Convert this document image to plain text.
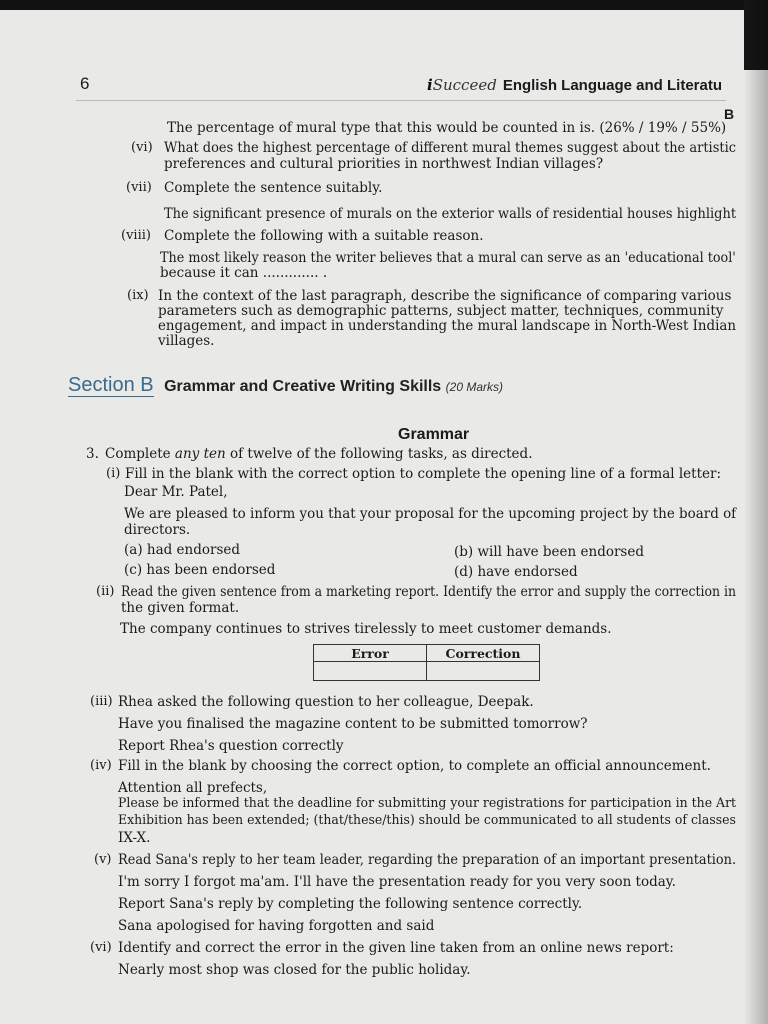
6	iSucceed English Language and Literatu
B
The percentage of mural type that this would be counted in is. (26% / 19% / 55%)
(vi) What does the highest percentage of different mural themes suggest about the artistic
preferences and cultural priorities in northwest Indian villages?
(vii) Complete the sentence suitably.
The significant presence of murals on the exterior walls of residential houses highlight
(viii) Complete the following with a suitable reason.
The most likely reason the writer believes that a mural can serve as an 'educational tool'
because it can ............. .
(ix) In the context of the last paragraph, describe the significance of comparing various
parameters such as demographic patterns, subject matter, techniques, community
engagement, and impact in understanding the mural landscape in North-West Indian
villages.
Section B Grammar and Creative Writing Skills (20 Marks)
Grammar
3. Complete any ten of twelve of the following tasks, as directed.
(i) Fill in the blank with the correct option to complete the opening line of a formal letter:
Dear Mr. Patel,
We are pleased to inform you that your proposal for the upcoming project by the board of
directors.
(a) had endorsed	(b) will have been endorsed
(c) has been endorsed	(d) have endorsed
(ii) Read the given sentence from a marketing report. Identify the error and supply the correction in
the given format.
The company continues to strives tirelessly to meet customer demands.
Error	Correction

(iii) Rhea asked the following question to her colleague, Deepak.
Have you finalised the magazine content to be submitted tomorrow?
Report Rhea's question correctly
(iv) Fill in the blank by choosing the correct option, to complete an official announcement.
Attention all prefects,
Please be informed that the deadline for submitting your registrations for participation in the Art
Exhibition has been extended; (that/these/this) should be communicated to all students of classes
IX-X.
(v) Read Sana's reply to her team leader, regarding the preparation of an important presentation.
I'm sorry I forgot ma'am. I'll have the presentation ready for you very soon today.
Report Sana's reply by completing the following sentence correctly.
Sana apologised for having forgotten and said
(vi) Identify and correct the error in the given line taken from an online news report:
Nearly most shop was closed for the public holiday.
